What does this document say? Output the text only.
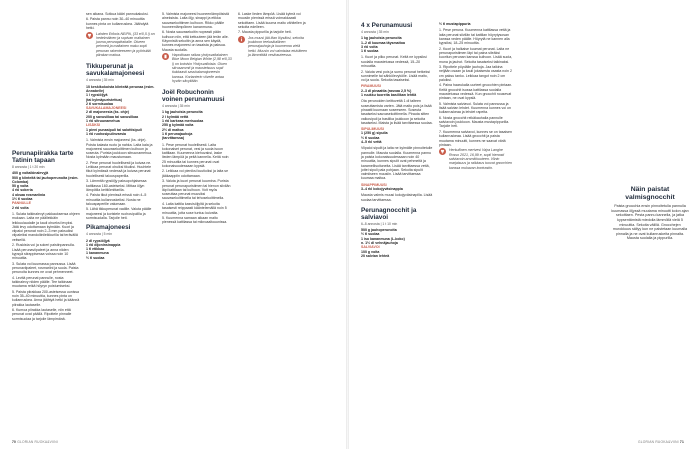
Perunapiirakka tarte Tatinin tapaan
8 annosta | 1 t 20 min
400 g voitaikinalevyjä
500 g kiinteitä tai jauhoperunoita (esim. Colomba)
50 g voita
4 rkl sokeria
4 oksaa rosmariinia
1½ tl suolaa
PANNULLE
2 rkl voita

1. Sulata taikinalevyt pakkauksensa ohjeen mukaan. Laita ne päällekkäin leikkuulaudalle ja kauli ohueksi levyksi. Jätä levy odottamaan kylmään. Kuori ja viipaloi perunat noin 2–3 mm paksuiksi viipaleiksi mandoliinileikkurilla tai terävällä veitsellä.

2. Ruskista voi ja sokeri paistinpannulla. Lisää perunaviipaleet ja anna niiden kypsyä siirappisessa voissa noin 10 minuuttia.

3. Sulata voi kuumassa pannussa. Lisää perunaviipaleet, rosmariini ja suola. Paista perunoita kunnes ne ovat pehmenneet.

4. Levitä perunat pannulle, nosta taikinalevy niiden päälle. Tee taikinaan muutama reikä höyryn poistumiseksi.

5. Paista piirakkaa 200-asteisessa uunissa noin 35–40 minuuttia, kunnes pinta on kullanruskea. Anna jäähtyä hetki ja käännä piirakka lautaselle.

6. Kumoa piirakka lautaselle, niin että perunat ovat päällä. Ripottele pinnalle sormisuolaa ja tarjoile lämpimänä.

sen aikana. Sotkua kääri pannukakuksi.

6. Paista pannu noin 30–40 minuuttia kunnes pinta on kullanruskea. Jäähdytä hetki.

Lahden Erikois NEIPA, (33 e/0,5 l) on hedelmäinen ja sopivan maltainen juoma perunapiirakalle. Olueen pehmeä ja maltainen maku sopii perunan rakenteeseen ja pyöristää piirakan makua.
Tikkuperunat ja savukalamajoneesi
4 annosta | 35 min
10 keskikokoista kiinteää perunaa (esim. Annabelle)
1 l rypsiöljyä
(tai kylmäpuristettua)
2 tl sormisuolaa
SAVUKALAMAJONEESI
2 dl majoneesia (ks. ohje)
200 g savusiikaa tai savusilkaa
1 rkl sitruunamehua
LISÄKSI
1 pieni punasipuli tai salottisipuli
1 rkl ruohosipulinvarsia

1. Valmista ensin majoneesi (ks. ohje). Poista kalasta ruoto ja nahka. Laita kala ja majoneesi sauvasekoittimen kulhoon ja soseuta. Purista joukkoon sitruunamehua. Nosta kylmään maustumaan.

2. Pese perunat huolellisesti ja kuivaa ne. Leikkaa perunat ohuiksi tikuiksi. Huuhtele tikut kylmässä vedessä ja kuivaa perunat huolellisesti talouspaperilla.

3. Lämmitä rypsiöljy paksupohjaisessa kattilassa 160-asteiseksi. Mittaa öljyn lämpötila keittiömittarilla.

4. Paista tikut pienissä erissä noin 4–5 minuuttia kullanruskeiksi. Nosta ne talouspaperille valumaan.

5. Lähä tikkuperunat vadille. Valuta päälle majoneesi ja koristele ruohosipulilla ja sormisuolalla. Tarjoile heti.

Pikamajoneesi
4 annosta | 5 min
2 dl rypsiöljyä
1 rkl dijoninsinappia
1 tl etikkaa
1 kananmuna
½ tl suolaa

5. Valmista majoneesi huoneenlämpöisistä aineksista. Laita öljy, sinappi ja etikka sauvasekoittimen kulhoon. Rikko päälle huoneenlämpöinen kananmuna.

6. Nosta sauvasekoitin nopeasti pään kulhoon niin, että kettuuteen jää terän alle. Käynnistä sekoitin ja anna sen käydä, kunnes majoneesi on tasaista ja paksua. Mausta suolalla.

Hapokkaan raikas yhdysvaltalainen Blue Moon Belgian White (2,98 e/0,33 l) on kotoisin Yhdysvalloista. Oluen sitrusaromit ja mausteisuus sopii tiukkaasti savukalamajoneesin kanssa. Korianterin viivelle antaa hyvän sävyltään.
Joël Robuchonin voinen perunamuusi
4 annosta | 35 min
1 kg jauhoisia perunoita
2 l kylmää vettä
1 rkl karkeaa merisuolaa
250 g kylmää voita
2½ dl maitoa
1 tl perunajauhoja
(tarvittaessa)

1. Pese perunat huolellisesti. Laita kokonaiset perunat, vesi ja suola isoon kattilaan. Kuumenna kiehuvaksi, laske lieden lämpöä ja peitä kannella. Keitä noin 25 minuuttia tai kunnes perunat ovat kokonaisuudessaan kypsiä.

2. Leikkaa voi pieniksi kuutioiksi ja laita se jääkaappiin odottamaan.

3. Valuta ja kuori perunat kuumina. Purista perunat perunapuristimen tai hienon siivilän läpi kattilaan tai kulhoon. Voit myös soseuttaa perunat muusiksi sauvasekoittimella tai tehosekoittimella.

4. Laita kattila kasvisöljyltä ja sekoita tasaisesti reippaasti kääntelemällä noin 5 minuuttia, jotta sose tuntuu kuivalta.

5. Kuumenna samaan aikaan maito pienessä kattilassa tai mikroaaltouunissa.

6. Laske lieden lämpöä. Lisää kylmä voi muusiin pienissä erissä voimakkaasti sekoittaen. Lisää kuuma maito vähitellen ja sekoita edelleen.

7. Mausta pippurilla ja tarjoile heti.

Jos muusi jää liian löysäksi, sekoita joukkoon teelusikallinen perunajauhoja ja kuumenna vielä hetki. Muusin voi valmistaa etukäteen ja lämmittää vesihauteessa.
70 GLORIAN RUOKA&VIINI
4 x Perunamuusi
4 annosta | 35 min
1 kg jauhoisia perunoita
1–2 dl kuumaa täysmaitoa
3 rkl voita
1 tl suolaa

1. Kuori ja pilko perunat. Keitä ne kypsiksi suolalla maustetussa vedessä, 15–20 minuuttia.

2. Valuta vesi pois ja sumu perunat hetkeksi sunnimelle tai sähkölevykölle. Lisää maito, voi ja suola. Sekoita tasaiseksi.

PIRAMUUSI
2–3 dl pinaattia (rasvaa 2,5 %)
1 ruukku tuoreita basilikan lehtiä

Ota perunoiden keittovettä 1 dl talteen soseuttamista varten. Jätä maito pois ja lisää pinaatti kuumaan soseeseen. Soseuta tasaiseksi sauvasekoittimella. Pirauta sitten valkosipuli ja basilika joukkoon ja sekoita tasaiseksi. Maista ja lisää tarvittaessa suolaa.

SIPULIMUUSI
1 (250 g) sipulia
½ tl suolaa
4–5 rkl vettä

Viipaloi sipulit ja laita ne kylmälle pinnoitetulle pannulle. Mausta suolalla. Kuumenna pannu ja paista kokonaisuudessaan noin 40 minuuttia, kunnes sipulit ovat pehmeitä ja karamellisoituneita. Lisää tarvittaessa vettä, jottei sipuli pala pohjaan. Sekoita sipulit valmiiseen muusiin. Lisää tarvittaessa kuumaa maitoa.

SINAPPIMUUSI
3–4 rkl kokojyväsinappia

Mausta valmis muusi kokojyväsinapilla. Lisää suolaa tarvittaessa.

Perunagnocchit ja salviavoi
6–8 annosta | 1 t 10 min
500 g jauhoperunoita
½ tl suolaa
1 iso kananmuna (L-koko)
n. 1½ dl vehnäjauhoja
SALVIAVOI
100 g voita
20 salvian lehteä
½ tl mustapippuria

1. Pese peruna. Kuumenna kattilassa vettä ja laita perunat siivilän tai kattilan höyrytysosan kanssa veden päälle. Höyrytä ne kannen alla kypsiksi, 18–25 minuuttia.

2. Kuori ja halkaise kuumat perunat. Laita ne perunapuristimen läpi tai paina sileäksi kuoritun perunan kanssa kulhoon. Lisää suola, muna ja jauhot. Sekoita tasaiseksi taikinaksi.

3. Ripottele pöydälle jauhoja. Jaa taikina neljään osaan ja kauli jokaisesta osasta noin 2 cm paksu tanko. Leikkaa tangot noin 2 cm paloiksi.

4. Paina haarukalla uurteet gnocchien pintaan. Keitä gnocchit isossa kattilassa suolalla maustetussa vedessä. Kun gnocchit nousevat pintaan, ne ovat kypsiä.

5. Valmista salviavoi. Sulata voi pannussa ja lisää salvian lehdet. Kuumenna kunnes voi on kullanruskeaa ja lehdet rapeita.

6. Nosta gnocchit reikäkauhalla pannulle salviavoin joukkoon. Mausta mustapippurilla. Tarjoile heti.

7. Kuumenna salviavoi, kunnes se on tasaisen kullanruskeaa. Lisää gnocchit ja paista muutama minuutti, kunnes ne saavat väriä pintaan.

Herkullinen merivesi Vajra Langhe Rosso 2021, 16,99 e, sopii hienosti salviavoin aromikkuuteen. Viinin marjaisuus ja raikkaus tuovat gnocchien kanssa mukavan kontrastin.
Näin paistat valmisgnocchit
Paista gnocchia ensin pinnoitetulla pannulla kuumassa öljyssä muutama minuutti kolon ajan sekoittaen. Pesta pannu kannella, ja jatka kypsentämistä miedolla lämmöllä vielä 5 minuuttia. Sekoita välillä. Gnocchejen murokkuus säilyy kun ne paistetaan kuumalla pinnalla ja ne ovat kullanruskeita pinnalta. Mausta suolalla ja pippurilla.
GLORIAN RUOKA&VIINI 71
